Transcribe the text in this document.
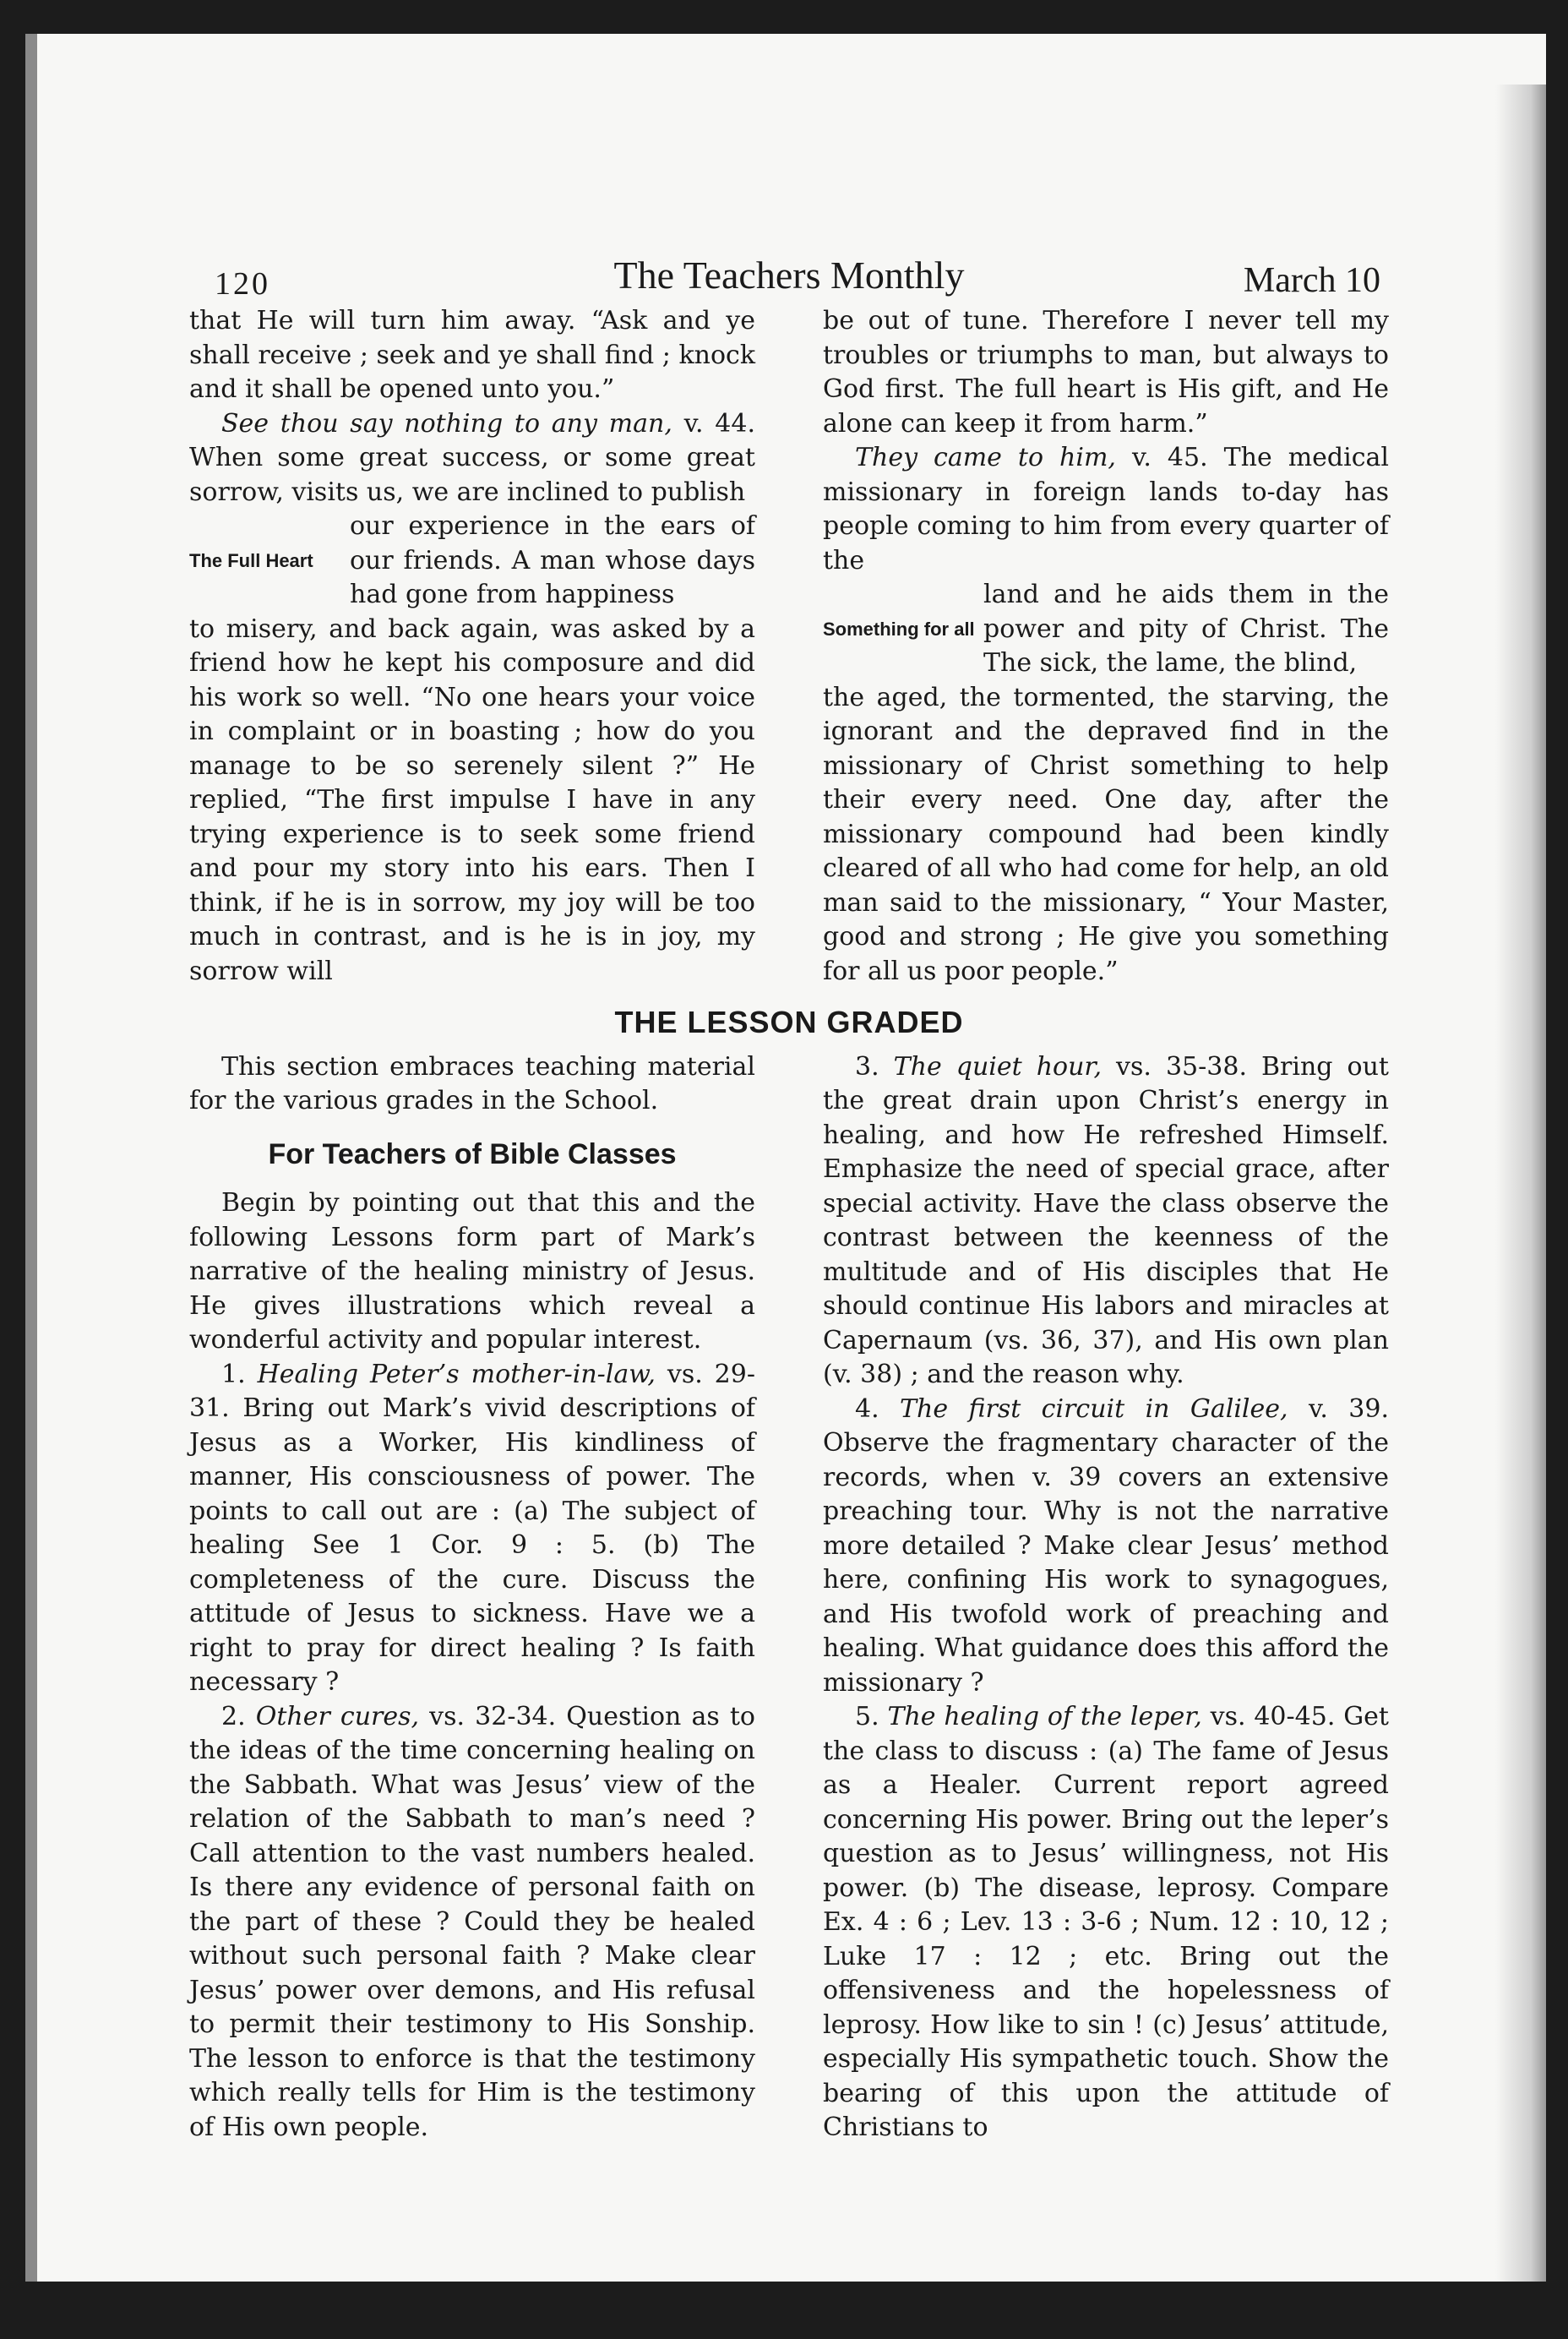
120	The Teachers Monthly	March 10

that He will turn him away. “Ask and ye shall receive ; seek and ye shall find ; knock and it shall be opened unto you.”

See thou say nothing to any man, v. 44. When some great success, or some great sorrow, visits us, we are inclined to publish

The Full Heart
our experience in the ears of our friends. A man whose days had gone from happiness

to misery, and back again, was asked by a friend how he kept his composure and did his work so well. “No one hears your voice in complaint or in boasting ; how do you manage to be so serenely silent ?” He replied, “The first impulse I have in any trying experience is to seek some friend and pour my story into his ears. Then I think, if he is in sorrow, my joy will be too much in contrast, and is he is in joy, my sorrow will

be out of tune. Therefore I never tell my troubles or triumphs to man, but always to God first. The full heart is His gift, and He alone can keep it from harm.”

They came to him, v. 45. The medical missionary in foreign lands to-day has people coming to him from every quarter of the

Something for all
land and he aids them in the power and pity of Christ. The The sick, the lame, the blind,

the aged, the tormented, the starving, the ignorant and the depraved find in the missionary of Christ something to help their every need. One day, after the missionary compound had been kindly cleared of all who had come for help, an old man said to the missionary, “ Your Master, good and strong ; He give you something for all us poor people.”

THE LESSON GRADED

This section embraces teaching material for the various grades in the School.

For Teachers of Bible Classes

Begin by pointing out that this and the following Lessons form part of Mark’s narrative of the healing ministry of Jesus. He gives illustrations which reveal a wonderful activity and popular interest.

1. Healing Peter’s mother-in-law, vs. 29-31. Bring out Mark’s vivid descriptions of Jesus as a Worker, His kindliness of manner, His consciousness of power. The points to call out are : (a) The subject of healing See 1 Cor. 9 : 5. (b) The completeness of the cure. Discuss the attitude of Jesus to sickness. Have we a right to pray for direct healing ? Is faith necessary ?

2. Other cures, vs. 32-34. Question as to the ideas of the time concerning healing on the Sabbath. What was Jesus’ view of the relation of the Sabbath to man’s need ? Call attention to the vast numbers healed. Is there any evidence of personal faith on the part of these ? Could they be healed without such personal faith ? Make clear Jesus’ power over demons, and His refusal to permit their testimony to His Sonship. The lesson to enforce is that the testimony which really tells for Him is the testimony of His own people.

3. The quiet hour, vs. 35-38. Bring out the great drain upon Christ’s energy in healing, and how He refreshed Himself. Emphasize the need of special grace, after special activity. Have the class observe the contrast between the keenness of the multitude and of His disciples that He should continue His labors and miracles at Capernaum (vs. 36, 37), and His own plan (v. 38) ; and the reason why.

4. The first circuit in Galilee, v. 39. Observe the fragmentary character of the records, when v. 39 covers an extensive preaching tour. Why is not the narrative more detailed ? Make clear Jesus’ method here, confining His work to synagogues, and His twofold work of preaching and healing. What guidance does this afford the missionary ?

5. The healing of the leper, vs. 40-45. Get the class to discuss : (a) The fame of Jesus as a Healer. Current report agreed concerning His power. Bring out the leper’s question as to Jesus’ willingness, not His power. (b) The disease, leprosy. Compare Ex. 4 : 6 ; Lev. 13 : 3-6 ; Num. 12 : 10, 12 ; Luke 17 : 12 ; etc. Bring out the offensiveness and the hopelessness of leprosy. How like to sin ! (c) Jesus’ attitude, especially His sympathetic touch. Show the bearing of this upon the attitude of Christians to
